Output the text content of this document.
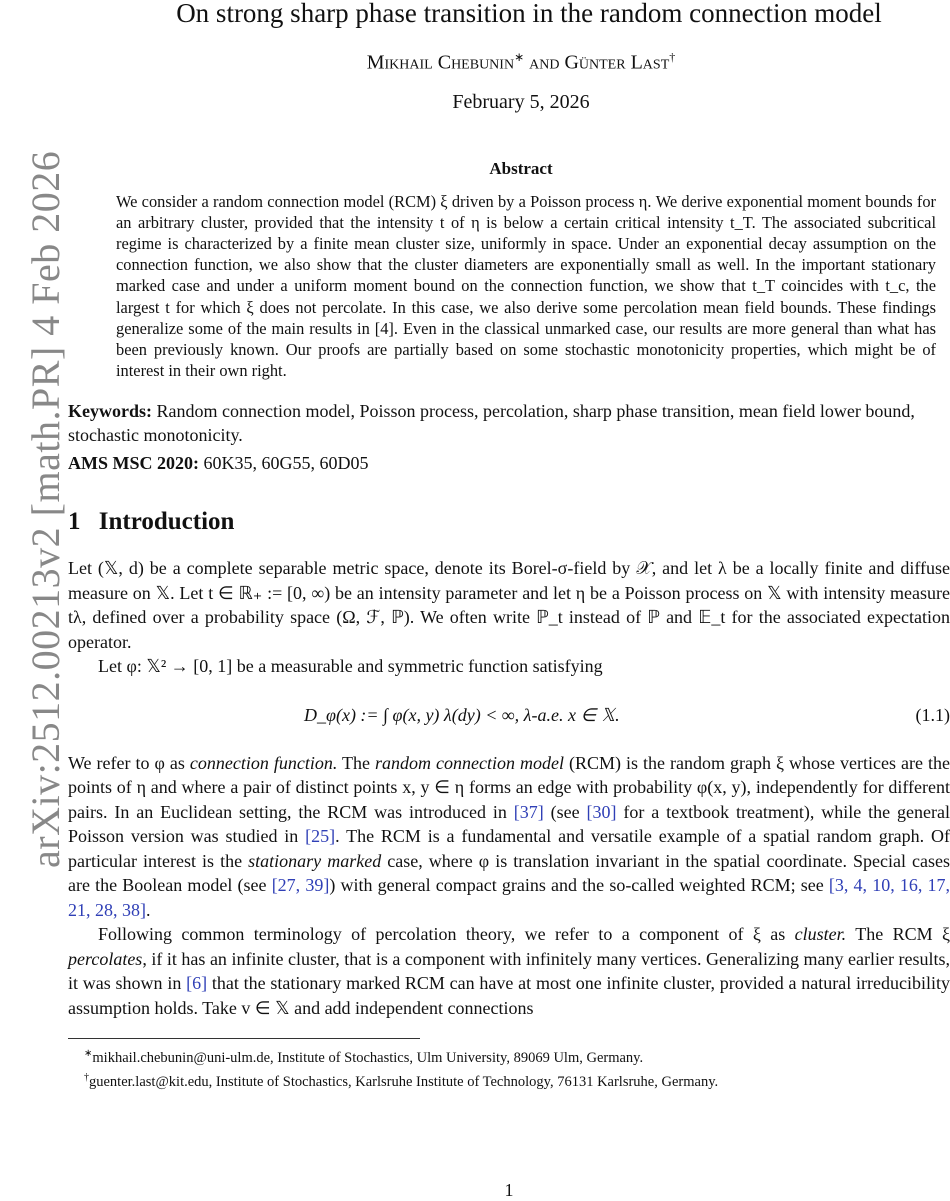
arXiv:2512.00213v2 [math.PR] 4 Feb 2026
On strong sharp phase transition in the random connection model
Mikhail Chebunin∗ and Günter Last†
February 5, 2026
Abstract
We consider a random connection model (RCM) ξ driven by a Poisson process η. We derive exponential moment bounds for an arbitrary cluster, provided that the intensity t of η is below a certain critical intensity t_T. The associated subcritical regime is characterized by a finite mean cluster size, uniformly in space. Under an exponential decay assumption on the connection function, we also show that the cluster diameters are exponentially small as well. In the important stationary marked case and under a uniform moment bound on the connection function, we show that t_T coincides with t_c, the largest t for which ξ does not percolate. In this case, we also derive some percolation mean field bounds. These findings generalize some of the main results in [4]. Even in the classical unmarked case, our results are more general than what has been previously known. Our proofs are partially based on some stochastic monotonicity properties, which might be of interest in their own right.
Keywords: Random connection model, Poisson process, percolation, sharp phase transition, mean field lower bound, stochastic monotonicity.
AMS MSC 2020: 60K35, 60G55, 60D05
1 Introduction
Let (𝕏, d) be a complete separable metric space, denote its Borel-σ-field by 𝒳, and let λ be a locally finite and diffuse measure on 𝕏. Let t ∈ ℝ₊ := [0, ∞) be an intensity parameter and let η be a Poisson process on 𝕏 with intensity measure tλ, defined over a probability space (Ω, ℱ, ℙ). We often write ℙ_t instead of ℙ and 𝔼_t for the associated expectation operator.
Let φ: 𝕏² → [0, 1] be a measurable and symmetric function satisfying
D_φ(x) := ∫ φ(x, y) λ(dy) < ∞, λ-a.e. x ∈ 𝕏.	(1.1)
We refer to φ as connection function. The random connection model (RCM) is the random graph ξ whose vertices are the points of η and where a pair of distinct points x, y ∈ η forms an edge with probability φ(x, y), independently for different pairs. In an Euclidean setting, the RCM was introduced in [37] (see [30] for a textbook treatment), while the general Poisson version was studied in [25]. The RCM is a fundamental and versatile example of a spatial random graph. Of particular interest is the stationary marked case, where φ is translation invariant in the spatial coordinate. Special cases are the Boolean model (see [27, 39]) with general compact grains and the so-called weighted RCM; see [3, 4, 10, 16, 17, 21, 28, 38].
Following common terminology of percolation theory, we refer to a component of ξ as cluster. The RCM ξ percolates, if it has an infinite cluster, that is a component with infinitely many vertices. Generalizing many earlier results, it was shown in [6] that the stationary marked RCM can have at most one infinite cluster, provided a natural irreducibility assumption holds. Take v ∈ 𝕏 and add independent connections
∗mikhail.chebunin@uni-ulm.de, Institute of Stochastics, Ulm University, 89069 Ulm, Germany.
†guenter.last@kit.edu, Institute of Stochastics, Karlsruhe Institute of Technology, 76131 Karlsruhe, Germany.
1
